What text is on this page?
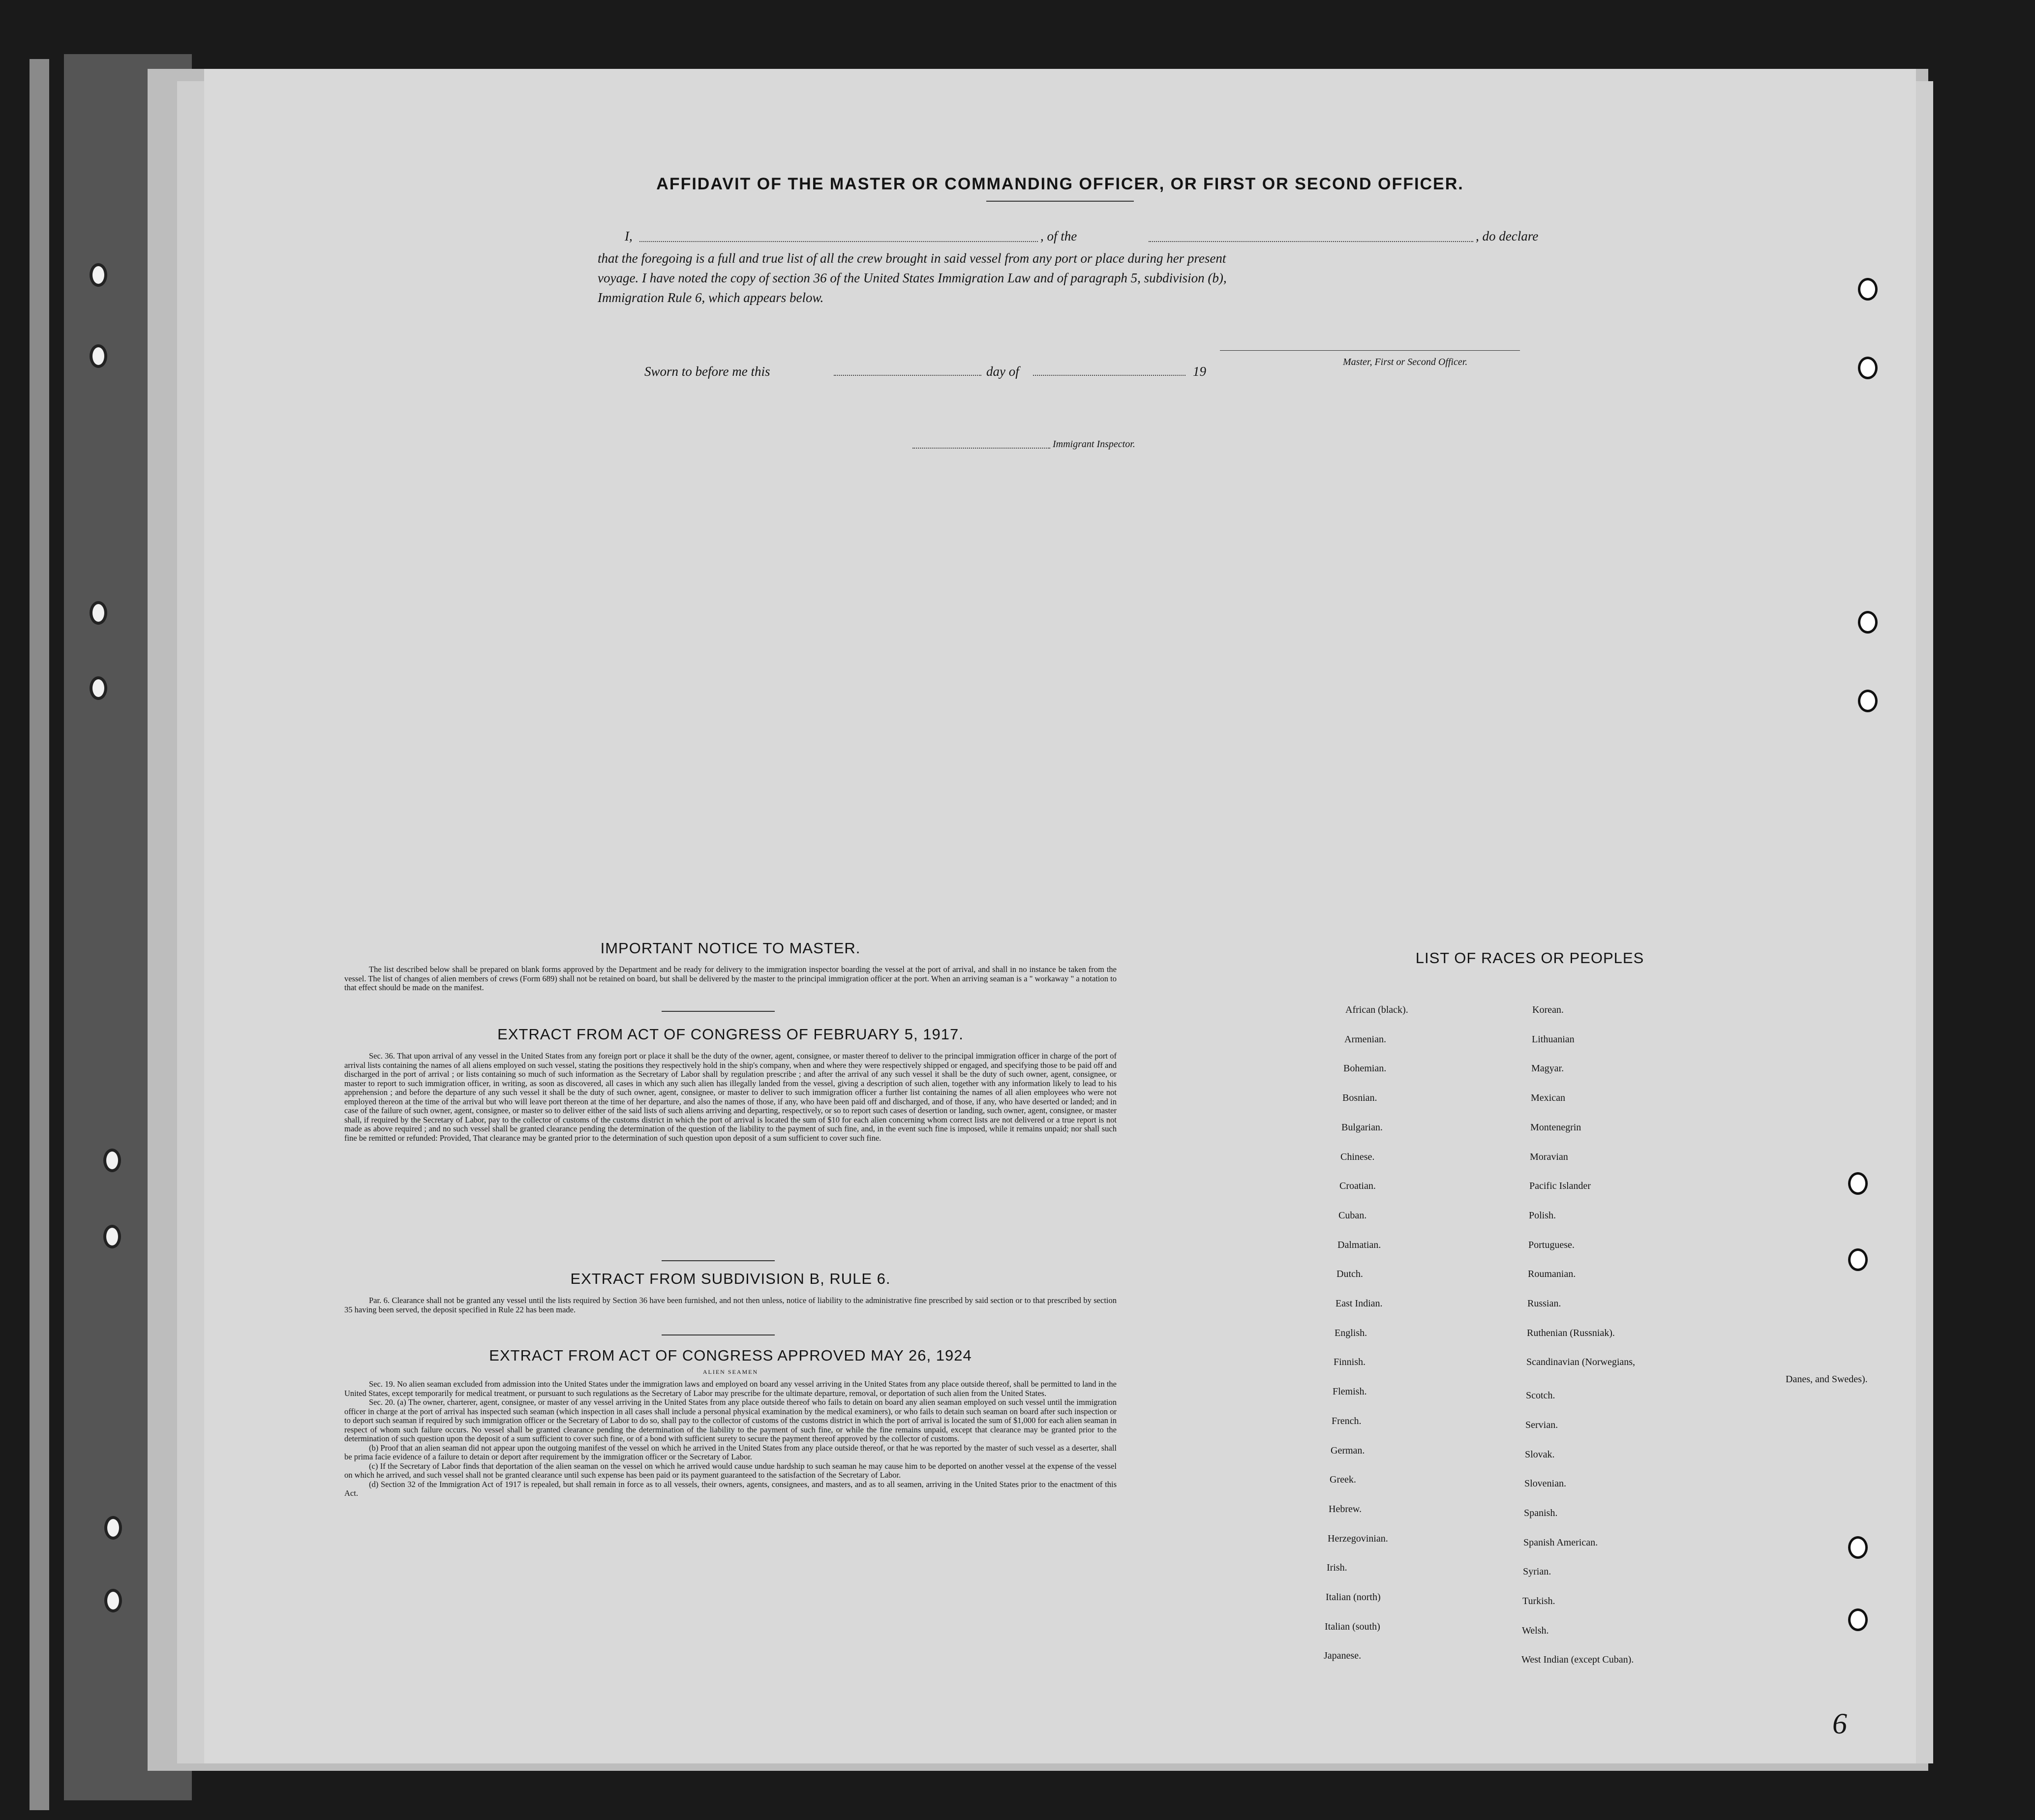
AFFIDAVIT OF THE MASTER OR COMMANDING OFFICER, OR FIRST OR SECOND OFFICER.
I,	, of the	, do declare
that the foregoing is a full and true list of all the crew brought in said vessel from any port or place during her present
voyage. I have noted the copy of section 36 of the United States Immigration Law and of paragraph 5, subdivision (b),
Immigration Rule 6, which appears below.
Master, First or Second Officer.
Sworn to before me this	day of	19
Immigrant Inspector.
IMPORTANT NOTICE TO MASTER.

The list described below shall be prepared on blank forms approved by the Department and be ready for delivery to the immigration inspector boarding the vessel at the port of arrival, and shall in no instance be taken from the vessel. The list of changes of alien members of crews (Form 689) shall not be retained on board, but shall be delivered by the master to the principal immigration officer at the port. When an arriving seaman is a " workaway " a notation to that effect should be made on the manifest.

EXTRACT FROM ACT OF CONGRESS OF FEBRUARY 5, 1917.

Sec. 36. That upon arrival of any vessel in the United States from any foreign port or place it shall be the duty of the owner, agent, consignee, or master thereof to deliver to the principal immigration officer in charge of the port of arrival lists containing the names of all aliens employed on such vessel, stating the positions they respectively hold in the ship's company, when and where they were respectively shipped or engaged, and specifying those to be paid off and discharged in the port of arrival ; or lists containing so much of such information as the Secretary of Labor shall by regulation prescribe ; and after the arrival of any such vessel it shall be the duty of such owner, agent, consignee, or master to report to such immigration officer, in writing, as soon as discovered, all cases in which any such alien has illegally landed from the vessel, giving a description of such alien, together with any information likely to lead to his apprehension ; and before the departure of any such vessel it shall be the duty of such owner, agent, consignee, or master to deliver to such immigration officer a further list containing the names of all alien employees who were not employed thereon at the time of the arrival but who will leave port thereon at the time of her departure, and also the names of those, if any, who have been paid off and discharged, and of those, if any, who have deserted or landed; and in case of the failure of such owner, agent, consignee, or master so to deliver either of the said lists of such aliens arriving and departing, respectively, or so to report such cases of desertion or landing, such owner, agent, consignee, or master shall, if required by the Secretary of Labor, pay to the collector of customs of the customs district in which the port of arrival is located the sum of $10 for each alien concerning whom correct lists are not delivered or a true report is not made as above required ; and no such vessel shall be granted clearance pending the determination of the question of the liability to the payment of such fine, and, in the event such fine is imposed, while it remains unpaid; nor shall such fine be remitted or refunded: Provided, That clearance may be granted prior to the determination of such question upon deposit of a sum sufficient to cover such fine.

EXTRACT FROM SUBDIVISION B, RULE 6.

Par. 6. Clearance shall not be granted any vessel until the lists required by Section 36 have been furnished, and not then unless, notice of liability to the administrative fine prescribed by said section or to that prescribed by section 35 having been served, the deposit specified in Rule 22 has been made.

EXTRACT FROM ACT OF CONGRESS APPROVED MAY 26, 1924
ALIEN SEAMEN

Sec. 19. No alien seaman excluded from admission into the United States under the immigration laws and employed on board any vessel arriving in the United States from any place outside thereof, shall be permitted to land in the United States, except temporarily for medical treatment, or pursuant to such regulations as the Secretary of Labor may prescribe for the ultimate departure, removal, or deportation of such alien from the United States.

Sec. 20. (a) The owner, charterer, agent, consignee, or master of any vessel arriving in the United States from any place outside thereof who fails to detain on board any alien seaman employed on such vessel until the immigration officer in charge at the port of arrival has inspected such seaman (which inspection in all cases shall include a personal physical examination by the medical examiners), or who fails to detain such seaman on board after such inspection or to deport such seaman if required by such immigration officer or the Secretary of Labor to do so, shall pay to the collector of customs of the customs district in which the port of arrival is located the sum of $1,000 for each alien seaman in respect of whom such failure occurs. No vessel shall be granted clearance pending the determination of the liability to the payment of such fine, or while the fine remains unpaid, except that clearance may be granted prior to the determination of such question upon the deposit of a sum sufficient to cover such fine, or of a bond with sufficient surety to secure the payment thereof approved by the collector of customs.

(b) Proof that an alien seaman did not appear upon the outgoing manifest of the vessel on which he arrived in the United States from any place outside thereof, or that he was reported by the master of such vessel as a deserter, shall be prima facie evidence of a failure to detain or deport after requirement by the immigration officer or the Secretary of Labor.

(c) If the Secretary of Labor finds that deportation of the alien seaman on the vessel on which he arrived would cause undue hardship to such seaman he may cause him to be deported on another vessel at the expense of the vessel on which he arrived, and such vessel shall not be granted clearance until such expense has been paid or its payment guaranteed to the satisfaction of the Secretary of Labor.

(d) Section 32 of the Immigration Act of 1917 is repealed, but shall remain in force as to all vessels, their owners, agents, consignees, and masters, and as to all seamen, arriving in the United States prior to the enactment of this Act.

LIST OF RACES OR PEOPLES
Danes, and Swedes).
6
African (black).
Armenian.
Bohemian.
Bosnian.
Bulgarian.
Chinese.
Croatian.
Cuban.
Dalmatian.
Dutch.
East Indian.
English.
Finnish.
Flemish.
French.
German.
Greek.
Hebrew.
Herzegovinian.
Irish.
Italian (north)
Italian (south)
Japanese.
Korean.
Lithuanian
Magyar.
Mexican
Montenegrin
Moravian
Pacific Islander
Polish.
Portuguese.
Roumanian.
Russian.
Ruthenian (Russniak).
Scandinavian (Norwegians,
Scotch.
Servian.
Slovak.
Slovenian.
Spanish.
Spanish American.
Syrian.
Turkish.
Welsh.
West Indian (except Cuban).
